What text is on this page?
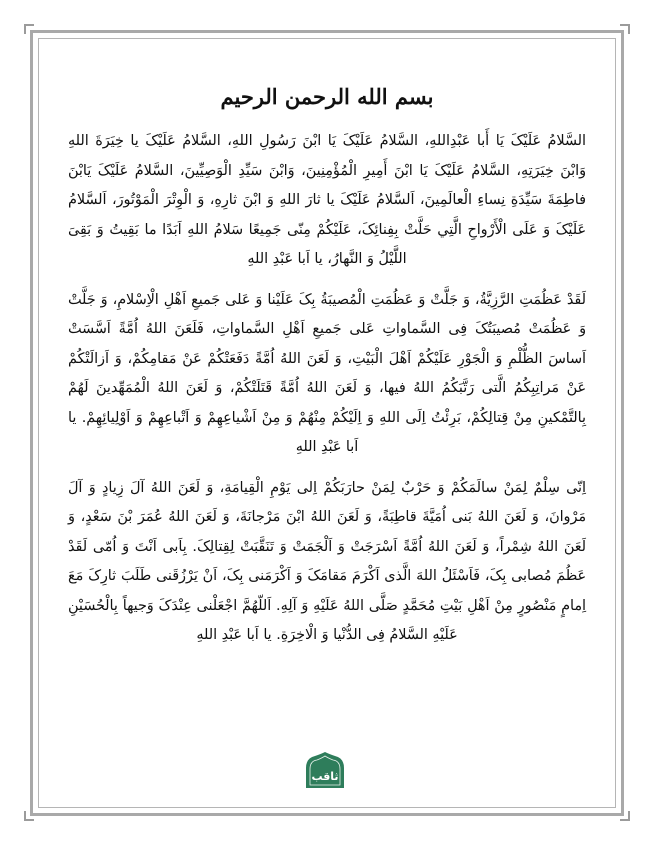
بسم الله الرحمن الرحيم

السَّلامُ عَلَيْکَ يَا أَبا عَبْدِاللهِ، السَّلامُ عَلَيْکَ يَا ابْنَ رَسُولِ اللهِ، السَّلامُ عَلَيْکَ يا خِيَرَةَ اللهِ وَابْنَ خِيَرَتِهِ، السَّلامُ عَلَيْکَ يَا ابْنَ أَمِيرِ الْمُؤْمِنِينَ، وَابْنَ سَيِّدِ الْوَصِيِّينَ، السَّلامُ عَلَيْکَ يَابْنَ فاطِمَةَ سَيِّدَةِ نِساءِ الْعالَمِينَ، اَلسَّلامُ عَلَيْکَ يا ثارَ اللهِ وَ ابْنَ ثارِهِ، وَ الْوِتْرَ الْمَوْتُورَ، اَلسَّلامُ عَلَيْکَ وَ عَلَى الْأَرْواحِ الَّتِي حَلَّتْ بِفِنائِکَ، عَلَيْکُمْ مِنّی جَمِيعًا سَلامُ اللهِ اَبَدًا ما بَقِيتُ وَ بَقِیَ اللَّيْلُ وَ النَّهارُ، يا اَبا عَبْدِ اللهِ

لَقَدْ عَظُمَتِ الرَّزِيَّةُ، وَ جَلَّتْ وَ عَظُمَتِ الْمُصيبَةُ بِکَ عَلَيْنا وَ عَلی جَميعِ اَهْلِ الْاِسْلامِ، وَ جَلَّتْ وَ عَظُمَتْ مُصيبَتُکَ فِی السَّماواتِ عَلی جَميعِ اَهْلِ السَّماواتِ، فَلَعَنَ اللهُ اُمَّةً اَسَّسَتْ اَساسَ الظُّلْمِ وَ الْجَوْرِ عَلَيْکُمْ اَهْلَ الْبَيْتِ، وَ لَعَنَ اللهُ اُمَّةً دَفَعَتْکُمْ عَنْ مَقامِکُمْ، وَ اَزالَتْکُمْ عَنْ مَراتِبِکُمُ الَّتی رَتَّبَکُمُ اللهُ فيها، وَ لَعَنَ اللهُ اُمَّةً قَتَلَتْکُمْ، وَ لَعَنَ اللهُ الْمُمَهِّدينَ لَهُمْ بِالتَّمْکينِ مِنْ قِتالِکُمْ، بَرِئْتُ اِلَی اللهِ وَ اِلَيْکُمْ مِنْهُمْ وَ مِنْ اَشْياعِهِمْ وَ اَتْباعِهِمْ وَ اَوْلِيائِهِمْ. يا اَبا عَبْدِ اللهِ

اِنّی سِلْمٌ لِمَنْ سالَمَکُمْ وَ حَرْبٌ لِمَنْ حارَبَکُمْ اِلی يَوْمِ الْقِيامَةِ، وَ لَعَنَ اللهُ آلَ زِيادٍ وَ آلَ مَرْوانَ، وَ لَعَنَ اللهُ بَنی اُمَيَّةَ قاطِبَةً، وَ لَعَنَ اللهُ ابْنَ مَرْجانَةَ، وَ لَعَنَ اللهُ عُمَرَ بْنَ سَعْدٍ، وَ لَعَنَ اللهُ شِمْراً، وَ لَعَنَ اللهُ اُمَّةً اَسْرَجَتْ وَ اَلْجَمَتْ وَ تَنَقَّبَتْ لِقِتالِکَ. بِاَبی اَنْتَ وَ اُمّی لَقَدْ عَظُمَ مُصابی بِکَ، فَاَسْئَلُ اللهَ الَّذی اَکْرَمَ مَقامَکَ وَ اَکْرَمَنی بِکَ، اَنْ يَرْزُقَنی طَلَبَ ثارِکَ مَعَ اِمامٍ مَنْصُورٍ مِنْ اَهْلِ بَيْتِ مُحَمَّدٍ صَلَّی اللهُ عَلَيْهِ وَ آلِهِ. اَللّهُمَّ اجْعَلْنی عِنْدَکَ وَجيهاً بِالْحُسَيْنِ عَلَيْهِ السَّلامُ فِی الدُّنْيا وَ الْاخِرَةِ. يا اَبا عَبْدِ اللهِ

ثاقب
